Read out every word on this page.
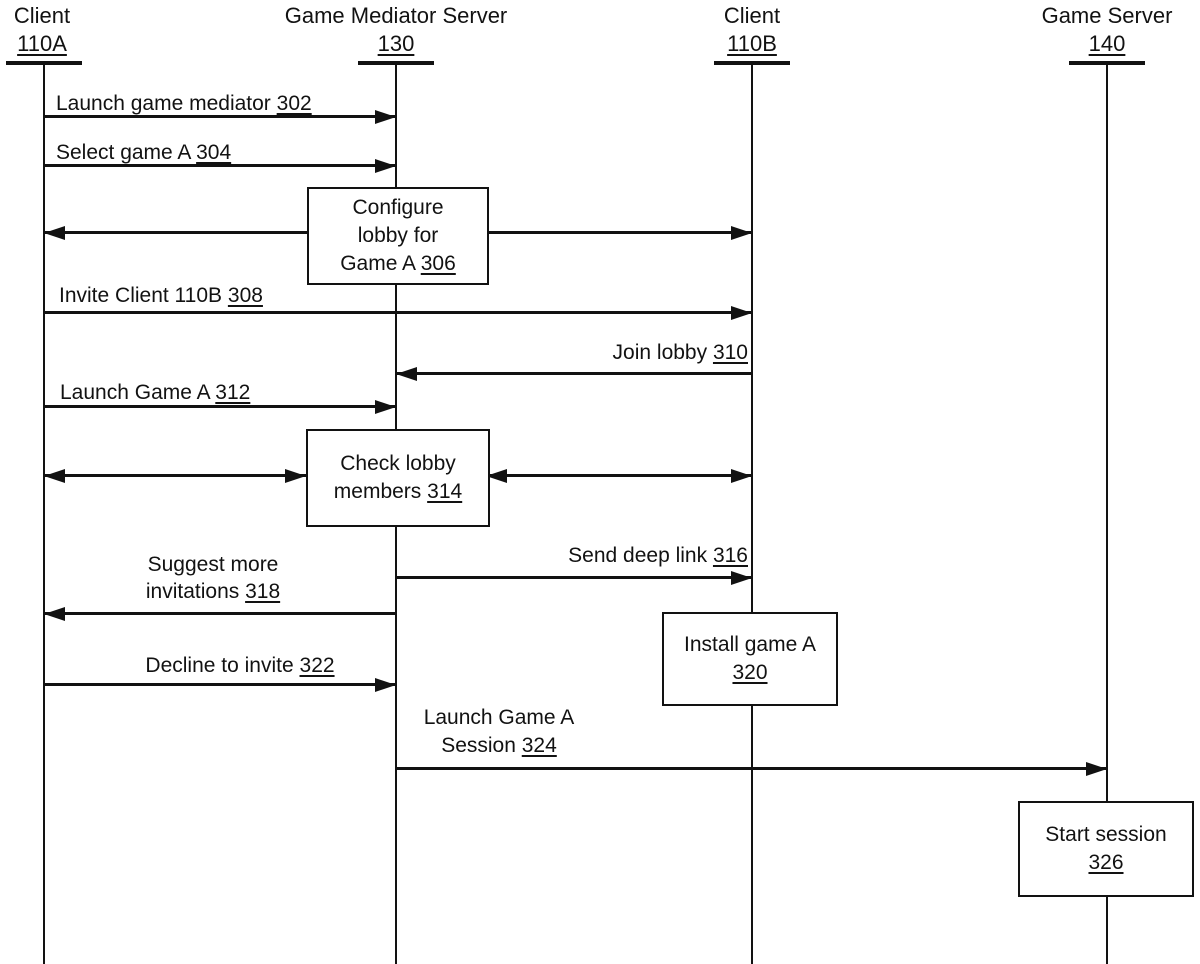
Client
110A
Game Mediator Server
130
Client
110B
Game Server
140
Launch game mediator 302
Select game A 304
Configure
lobby for
Game A 306
Invite Client 110B 308
Join lobby 310
Launch Game A 312
Check lobby
members 314
Send deep link 316
Suggest more
invitations 318
Install game A
320
Decline to invite 322
Launch Game A
Session 324
Start session
326
